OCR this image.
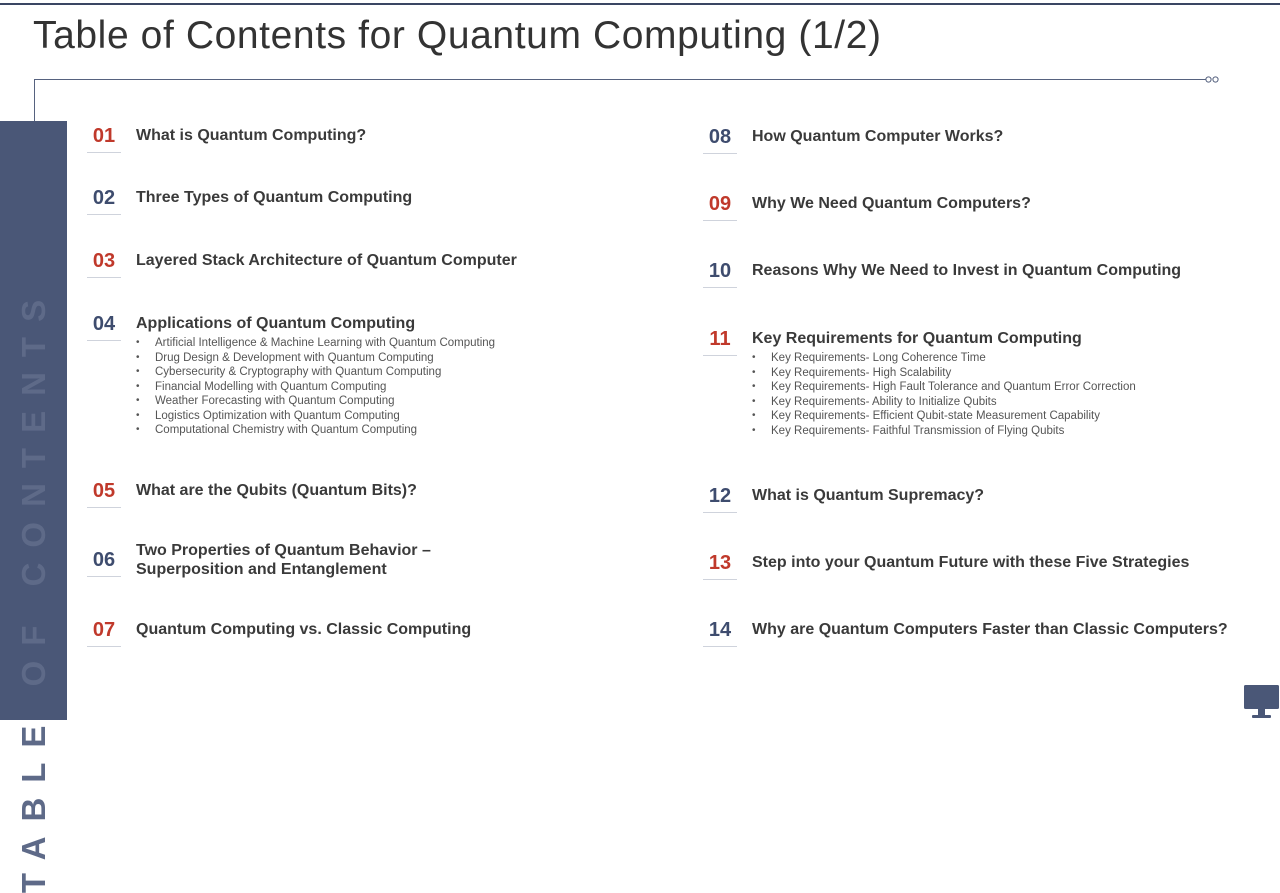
Table of Contents for Quantum Computing (1/2)
TABLE OF CONTENTS
01	What is Quantum Computing?
02	Three Types of Quantum Computing
03	Layered Stack Architecture of Quantum Computer
04	Applications of Quantum Computing
• Artificial Intelligence & Machine Learning with Quantum Computing
• Drug Design & Development with Quantum Computing
• Cybersecurity & Cryptography with Quantum Computing
• Financial Modelling with Quantum Computing
• Weather Forecasting with Quantum Computing
• Logistics Optimization with Quantum Computing
• Computational Chemistry with Quantum Computing
05	What are the Qubits (Quantum Bits)?
06	Two Properties of Quantum Behavior –
Superposition and Entanglement
07	Quantum Computing vs. Classic Computing
08	How Quantum Computer Works?
09	Why We Need Quantum Computers?
10	Reasons Why We Need to Invest in Quantum Computing
11	Key Requirements for Quantum Computing
• Key Requirements- Long Coherence Time
• Key Requirements- High Scalability
• Key Requirements- High Fault Tolerance and Quantum Error Correction
• Key Requirements- Ability to Initialize Qubits
• Key Requirements- Efficient Qubit-state Measurement Capability
• Key Requirements- Faithful Transmission of Flying Qubits
12	What is Quantum Supremacy?
13	Step into your Quantum Future with these Five Strategies
14	Why are Quantum Computers Faster than Classic Computers?
